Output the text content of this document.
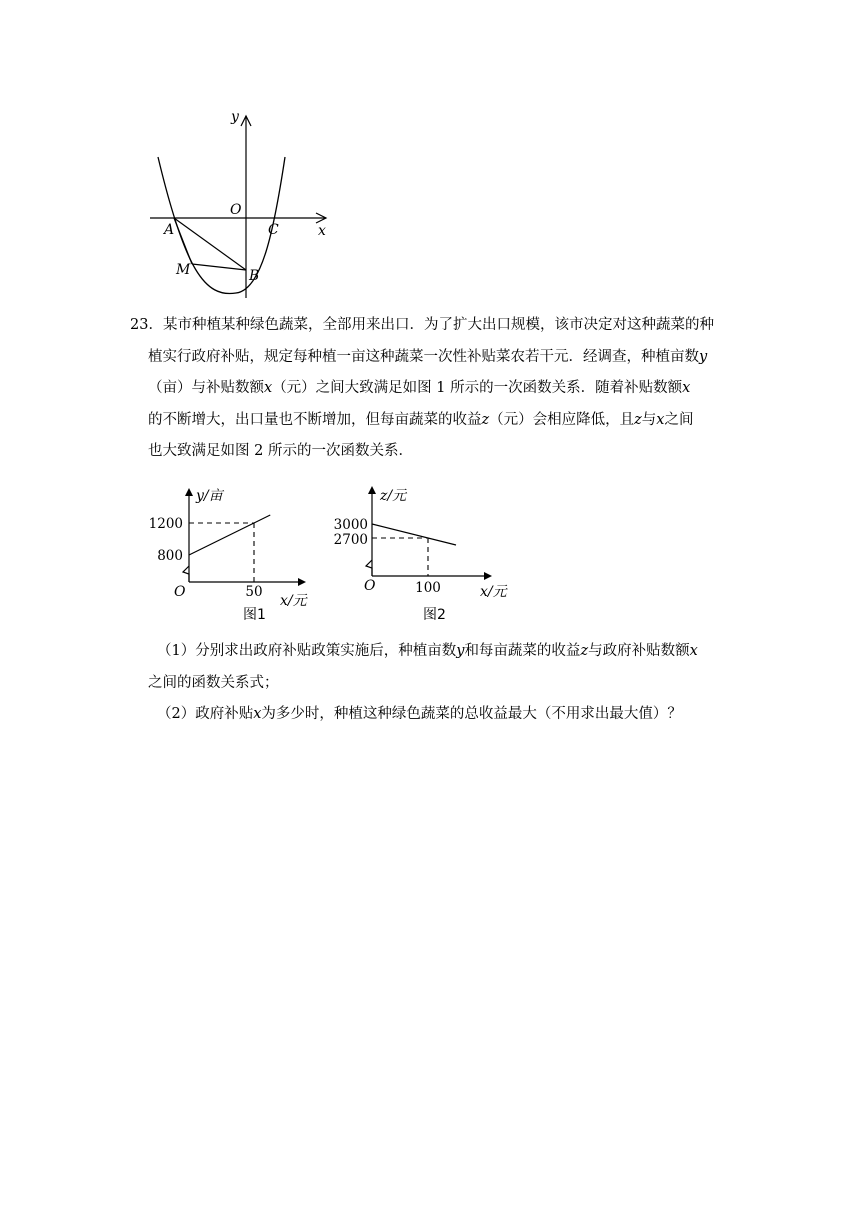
y
x
O
A	C
M	B
23．某市种植某种绿色蔬菜，全部用来出口．为了扩大出口规模，该市决定对这种蔬菜的种
植实行政府补贴，规定每种植一亩这种蔬菜一次性补贴菜农若干元．经调查，种植亩数y
（亩）与补贴数额x（元）之间大致满足如图 1 所示的一次函数关系．随着补贴数额x
的不断增大，出口量也不断增加，但每亩蔬菜的收益z（元）会相应降低，且z与x之间
也大致满足如图 2 所示的一次函数关系．
y/亩
1200
800
50
O
x/元
图1
z/元
3000
2700
100
O	x/元
图2
（1）分别求出政府补贴政策实施后，种植亩数y和每亩蔬菜的收益z与政府补贴数额x
之间的函数关系式；
（2）政府补贴x为多少时，种植这种绿色蔬菜的总收益最大（不用求出最大值）？
